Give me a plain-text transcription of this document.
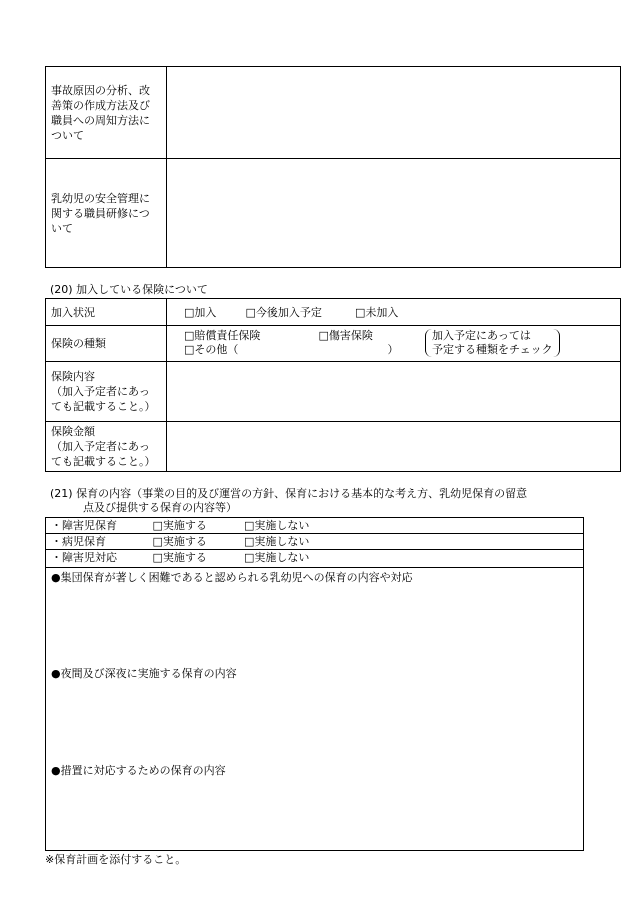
事故原因の分析、改
善策の作成方法及び
職員への周知方法に
ついて	

乳幼児の安全管理に
関する職員研修につ
いて	

(20) 加入している保険について
加入状況	□加入 □今後加入予定 □未加入

保険の種類	□賠償責任保険 □傷害保険
□その他（ ）
加入予定にあっては
予定する種類をチェック

保険内容
（加入予定者にあっ
ても記載すること。）	

保険金額
（加入予定者にあっ
ても記載すること。）	

(21) 保育の内容（事業の目的及び運営の方針、保育における基本的な考え方、乳幼児保育の留意
点及び提供する保育の内容等）
・障害児保育	□実施する	□実施しない
・病児保育	□実施する	□実施しない
・障害児対応	□実施する	□実施しない
●集団保育が著しく困難であると認められる乳幼児への保育の内容や対応
●夜間及び深夜に実施する保育の内容
●措置に対応するための保育の内容
※保育計画を添付すること。
